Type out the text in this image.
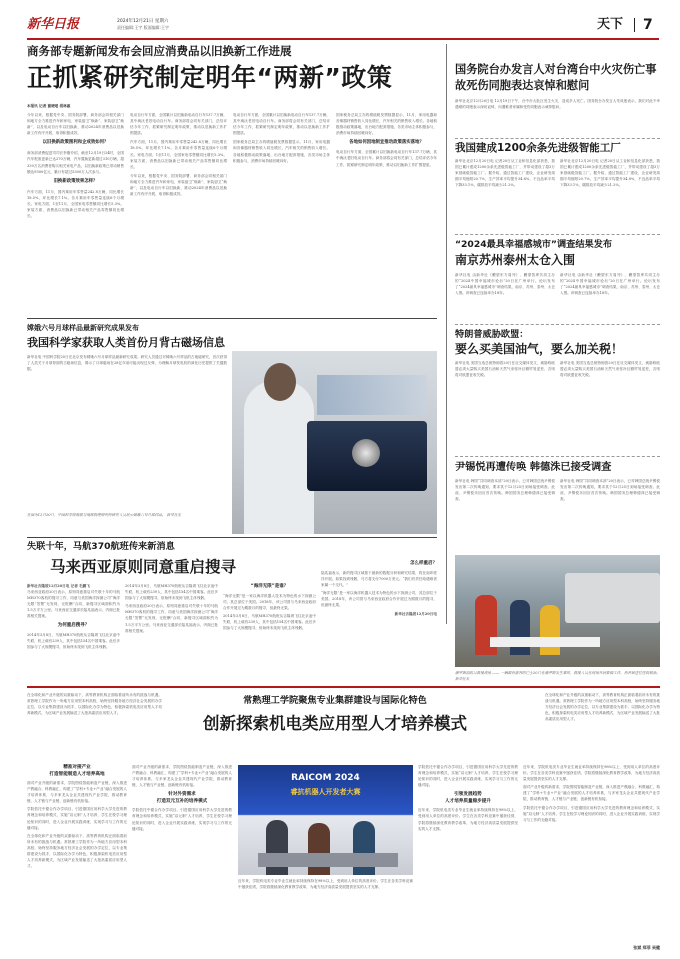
新华日报	2024年12月21日 星期六
责任编辑:王宇 版面编辑:王宇	天下	7
商务部专题新闻发布会回应消费品以旧换新工作进展
正抓紧研究制定明年“两新”政策
本报讯 记者 谢晓瑶 胡林惠

今年以来，根据党中央、国务院部署，商务部会同相关部门和地方全力推进汽车和家电、家装厨卫“焕新”、家装厨卫“焕新”，以及电动自行车以旧换新，推动2024年消费品以旧换新工作有序开展、取得积极成效。

以旧换新政策图利和企成效如何？

商务部消费促进司司长李刚介绍，截至12月19日24时，全国汽车报废更新已达270万辆，汽车置换更新超过310万辆，超330万名消费者购买相关家电产品，以旧换新政策已带动销售额达9500亿元，累计有超过5300万人次参与。

旧换新政策效果怎样？

汽车方面，11月，国内乘用车零售量242.8万辆，同比增长18.5%，环比增长7.1%。各月乘用车零售量连续6个月增长。家电方面，1至11月，全国家电零售额同比增长5.3%。家装方面，消费品以旧换新已带动相关产品零售额同比增长。

电动自行车方面，全国累计以旧换新电动自行车137.7万辆，其中淘汰老旧电动自行车。商务部将会同有关部门，总结评估今年工作，抓紧研究制定明年政策，推动以旧换新工作扩围提质。

汽车方面，11月，国内乘用车零售量242.8万辆，同比增长18.5%，环比增长7.1%。各月乘用车零售量连续6个月增长。家电方面，1至11月，全国家电零售额同比增长5.3%。家装方面，消费品以旧换新已带动相关产品零售额同比增长。

今年以来，根据党中央、国务院部署，商务部会同相关部门和地方全力推进汽车和家电、家装厨卫“焕新”、家装厨卫“焕新”，以及电动自行车以旧换新，推动2024年消费品以旧换新工作有序开展、取得积极成效。

电动自行车方面，全国累计以旧换新电动自行车137.7万辆，其中淘汰老旧电动自行车。商务部将会同有关部门，总结评估今年工作，抓紧研究制定明年政策，推动以旧换新工作扩围提质。

国家税务总局主办的增值税发票数据显示，11月，家用电器和音像器材销售收入同比增长，汽车相关的销售收入增长。各地积极推动政策落地，出台地方配套措施，各类市场主体积极参与，消费市场持续回暖向好。

国家税务总局主办的增值税发票数据显示，11月，家用电器和音像器材销售收入同比增长，汽车相关的销售收入增长。各地积极推动政策落地，出台地方配套措施，各类市场主体积极参与，消费市场持续回暖向好。

各地如何因地制宜推动政策落实落地？

电动自行车方面，全国累计以旧换新电动自行车137.7万辆，其中淘汰老旧电动自行车。商务部将会同有关部门，总结评估今年工作，抓紧研究制定明年政策，推动以旧换新工作扩围提质。

国务院台办发言人对台湾台中火灾伤亡事故死伤同胞表达哀悼和慰问
新华社北京12月20日电 12月19日下午，台中市大肚区发生火灾，造成多人死亡。国务院台办发言人朱凤莲表示，我们对此不幸遇难的同胞表示深切哀悼，向遇难者家属和受伤同胞表示诚挚慰问。
我国建成1200余条先进级智能工厂
新华社北京12月20日电 记者20日从工业和信息化部获悉，我国已累计建成1200余条先进级智能工厂，并带动建设了超3万家基础级智能工厂。据介绍，通过智能工厂建设，企业研发周期平均缩短20.7%，生产效率平均提升34.8%，不良品率平均下降33.1%，碳排放平均减少21.2%。
新华社北京12月20日电 记者20日从工业和信息化部获悉，我国已累计建成1200余条先进级智能工厂，并带动建设了超3万家基础级智能工厂。据介绍，通过智能工厂建设，企业研发周期平均缩短20.7%，生产效率平均提升34.8%，不良品率平均下降33.1%，碳排放平均减少21.2%。
“2024最具幸福感城市”调查结果发布
南京苏州泰州太仓入围
新华社电 由新华社《瞭望东方周刊》、瞭望智库共同主办的“2024中国幸福城市论坛”20日在广州举行。论坛发布了“2024最具幸福感城市”调查结果，南京、苏州、泰州、太仓入围。该调查已连续举办18年。
新华社电 由新华社《瞭望东方周刊》、瞭望智库共同主办的“2024中国幸福城市论坛”20日在广州举行。论坛发布了“2024最具幸福感城市”调查结果，南京、苏州、泰州、太仓入围。该调查已连续举办18年。
特朗普威胁欧盟：
要么买美国油气，要么加关税！
新华社电 美国当选总统特朗普20日在社交媒体发文，威胁称欧盟必须大量购买美国石油和天然气来弥补巨额贸易逆差，否则将对欧盟征收关税。
新华社电 美国当选总统特朗普20日在社交媒体发文，威胁称欧盟必须大量购买美国石油和天然气来弥补巨额贸易逆差，否则将对欧盟征收关税。
尹锡悦再遭传唤 韩德洙已接受调查
新华社电 韩国“共同调查本部”20日表示，已对韩国总统尹锡悦发出第二次传唤通知，要求其于12月25日到场接受调查。此前，尹锡悦未回应首次传唤。韩国国务总理韩德洙已接受调查。
新华社电 韩国“共同调查本部”20日表示，已对韩国总统尹锡悦发出第二次传唤通知，要求其于12月25日到场接受调查。此前，尹锡悦未回应首次传唤。韩国国务总理韩德洙已接受调查。
嫦娥六号月球样品最新研究成果发布
我国科学家获取人类首份月背古磁场信息
新华社电 中国科学院20日在北京发布嫦娥六号月球样品最新研究成果。研究人员通过对嫦娥六号样品的古地磁研究，首次获得了人类关于月球背面的古磁场信息，揭示了月球磁场在28亿年前可能出现过反弹，为理解月球发电机的演化历史提供了关键数据。
在图为12月20日，中国科学院地质与地球物理研究所研究人员展示嫦娥六号月球样品。 新华社发
失联十年，马航370航班传来新消息
马来西亚原则同意重启搜寻

新华社吉隆坡12月20日电 记者 毛鹏飞

马来西亚政府20日表示，原则同意重启对失联十年的马航MH370客机的搜寻工作，同意与美国海洋探测公司“海洋无限”签署“无发现、无报酬”合同，新搜寻区域面积约为1.5万平方公里。马来西亚交通部长陆兆福表示，内阁已批准相关提案。

为何重启搜寻？

2014年3月8日，马航MH370航班从吉隆坡飞往北京途中失联，机上载有239人，其中包括154名中国乘客。此后多国参与了大规模搜寻，但始终未找到飞机主体残骸。

2014年3月8日，马航MH370航班从吉隆坡飞往北京途中失联，机上载有239人，其中包括154名中国乘客。此后多国参与了大规模搜寻，但始终未找到飞机主体残骸。

马来西亚政府20日表示，原则同意重启对失联十年的马航MH370客机的搜寻工作，同意与美国海洋探测公司“海洋无限”签署“无发现、无报酬”合同，新搜寻区域面积约为1.5万平方公里。马来西亚交通部长陆兆福表示，内阁已批准相关提案。

“海洋无限”是谁？

“海洋无限”是一家以海洋机器人技术为特色的水下探测公司，其总部位于美国。2018年，该公司曾与马来西亚政府合作开展过为期数月的搜寻，但最终无果。

2014年3月8日，马航MH370航班从吉隆坡飞往北京途中失联，机上载有239人，其中包括154名中国乘客。此后多国参与了大规模搜寻，但始终未找到飞机主体残骸。

怎么样重启？

陆兆福表示，新的搜寻区域基于最新的数据分析和研究结果，将在南印度洋开展。如果找到残骸，马方将支付7000万美元。“我们有责任给遇难者家属一个交代。”

“海洋无限”是一家以海洋机器人技术为特色的水下探测公司，其总部位于美国。2018年，该公司曾与马来西亚政府合作开展过为期数月的搜寻，但最终无果。

新华社吉隆坡12月20日电

俄罗斯消防员救援现场 —— 一辆载有游客的巴士20日在俄罗斯发生事故，救援人员在现场开展救援工作，伤者被送往医院救治。 新华社发
在全球化和产业升级的双重驱动下，高等教育机构正面临着前所未有的挑战与机遇。常熟理工学院作为一所地方应用型本科高校，始终坚持服务地方经济社会发展的办学定位，以专业集群建设为抓手，以国际化办学为特色，积极探索机电类应用型人才培养新模式，为区域产业发展输送了大批高素质应用型人才。
常熟理工学院聚焦专业集群建设与国际化特色
创新探索机电类应用型人才培养模式
在全球化和产业升级的双重驱动下，高等教育机构正面临着前所未有的挑战与机遇。常熟理工学院作为一所地方应用型本科高校，始终坚持服务地方经济社会发展的办学定位，以专业集群建设为抓手，以国际化办学为特色，积极探索机电类应用型人才培养新模式，为区域产业发展输送了大批高素质应用型人才。

精准对接产业

打造智能制造人才培养高地

面对产业升级的新需求，学院围绕智能制造产业链，深入推进产教融合、科教融汇，构建了“学科+专业+产业”融合发展的人才培养体系，与多家龙头企业共建现代产业学院，推动教育链、人才链与产业链、创新链有机衔接。

学院依托中德合作办学项目，引进德国应用科学大学先进的教育理念和培养模式，实施“双元制”人才培养，学生在校学习理论知识的同时，进入企业开展实践训练，实现学习与工作的无缝对接。

在全球化和产业升级的双重驱动下，高等教育机构正面临着前所未有的挑战与机遇。常熟理工学院作为一所地方应用型本科高校，始终坚持服务地方经济社会发展的办学定位，以专业集群建设为抓手，以国际化办学为特色，积极探索机电类应用型人才培养新模式，为区域产业发展输送了大批高素质应用型人才。

面对产业升级的新需求，学院围绕智能制造产业链，深入推进产教融合、科教融汇，构建了“学科+专业+产业”融合发展的人才培养体系，与多家龙头企业共建现代产业学院，推动教育链、人才链与产业链、创新链有机衔接。

针对外资需求

打造双元互补的培养模式

学院依托中德合作办学项目，引进德国应用科学大学先进的教育理念和培养模式，实施“双元制”人才培养，学生在校学习理论知识的同时，进入企业开展实践训练，实现学习与工作的无缝对接。

RAICOM 2024
睿抗机器人开发者大赛

学院依托中德合作办学项目，引进德国应用科学大学先进的教育理念和培养模式，实施“双元制”人才培养，学生在校学习理论知识的同时，进入企业开展实践训练，实现学习与工作的无缝对接。

引领发展趋势

人才培养质量稳步提升

近年来，学院机电类专业毕业生就业率持续保持在98%以上，受到用人单位的高度评价。学生在各类学科竞赛中屡获佳绩，学院将继续深化教育教学改革，为地方经济高质量发展提供坚实的人才支撑。

近年来，学院机电类专业毕业生就业率持续保持在98%以上，受到用人单位的高度评价。学生在各类学科竞赛中屡获佳绩，学院将继续深化教育教学改革，为地方经济高质量发展提供坚实的人才支撑。

面对产业升级的新需求，学院围绕智能制造产业链，深入推进产教融合、科教融汇，构建了“学科+专业+产业”融合发展的人才培养体系，与多家龙头企业共建现代产业学院，推动教育链、人才链与产业链、创新链有机衔接。

学院依托中德合作办学项目，引进德国应用科学大学先进的教育理念和培养模式，实施“双元制”人才培养，学生在校学习理论知识的同时，进入企业开展实践训练，实现学习与工作的无缝对接。

近年来，学院机电类专业毕业生就业率持续保持在98%以上，受到用人单位的高度评价。学生在各类学科竞赛中屡获佳绩，学院将继续深化教育教学改革，为地方经济高质量发展提供坚实的人才支撑。

张斌 郑菲 吴健
